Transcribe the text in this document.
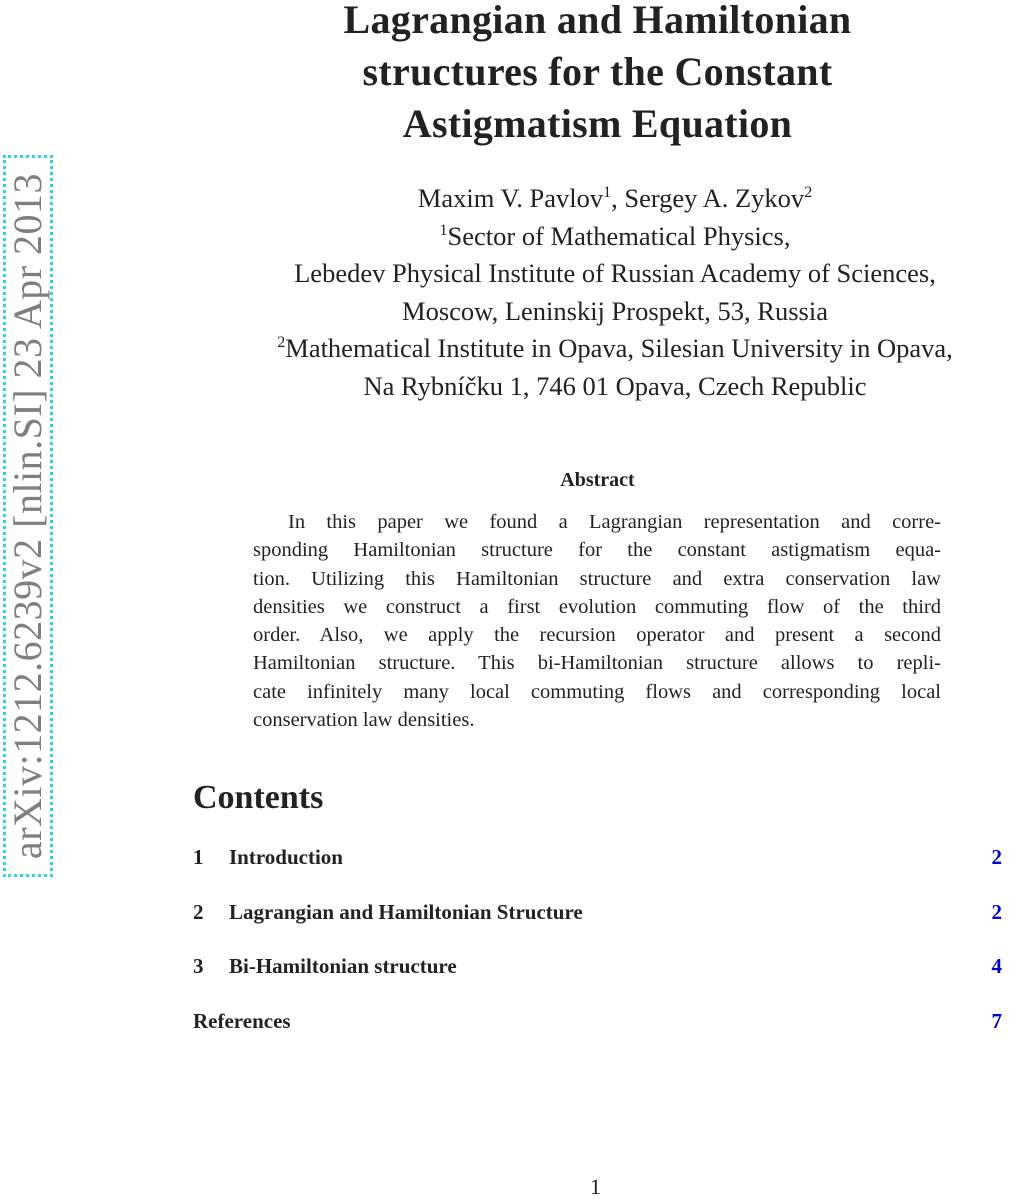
arXiv:1212.6239v2 [nlin.SI] 23 Apr 2013
Lagrangian and Hamiltonian
structures for the Constant
Astigmatism Equation
Maxim V. Pavlov$^1$, Sergey A. Zykov$^2$
$^1$Sector of Mathematical Physics,
Lebedev Physical Institute of Russian Academy of Sciences,
Moscow, Leninskij Prospekt, 53, Russia
$^2$Mathematical Institute in Opava, Silesian University in Opava,
Na Rybníčku 1, 746 01 Opava, Czech Republic
Abstract
In this paper we found a Lagrangian representation and corre-
sponding Hamiltonian structure for the constant astigmatism equa-
tion. Utilizing this Hamiltonian structure and extra conservation law
densities we construct a first evolution commuting flow of the third
order. Also, we apply the recursion operator and present a second
Hamiltonian structure. This bi-Hamiltonian structure allows to repli-
cate infinitely many local commuting flows and corresponding local
conservation law densities.
Contents
1	Introduction	2
2	Lagrangian and Hamiltonian Structure	2
3	Bi-Hamiltonian structure	4
References	7
1
